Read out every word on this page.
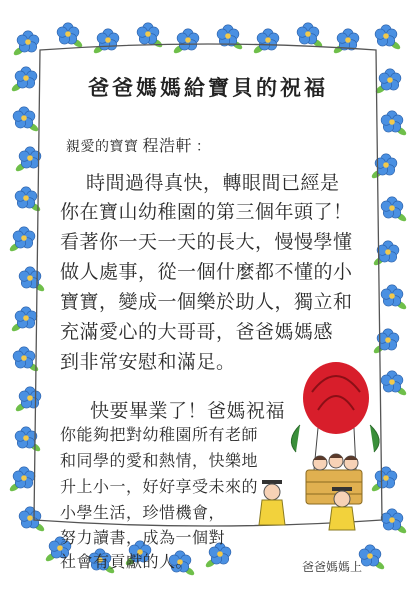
爸爸媽媽給寶貝的祝福
親愛的寶寶 程浩軒 ：
時間過得真快，轉眼間已經是
你在寶山幼稚園的第三個年頭了！
看著你一天一天的長大，慢慢學懂
做人處事，從一個什麼都不懂的小
寶寶，變成一個樂於助人，獨立和
充滿愛心的大哥哥，爸爸媽媽感
到非常安慰和滿足。
快要畢業了！爸媽祝福
你能夠把對幼稚園所有老師
和同學的愛和熱情，快樂地
升上小一，好好享受未來的
小學生活，珍惜機會，
努力讀書，成為一個對
社會有貢獻的人。	爸爸媽媽上
